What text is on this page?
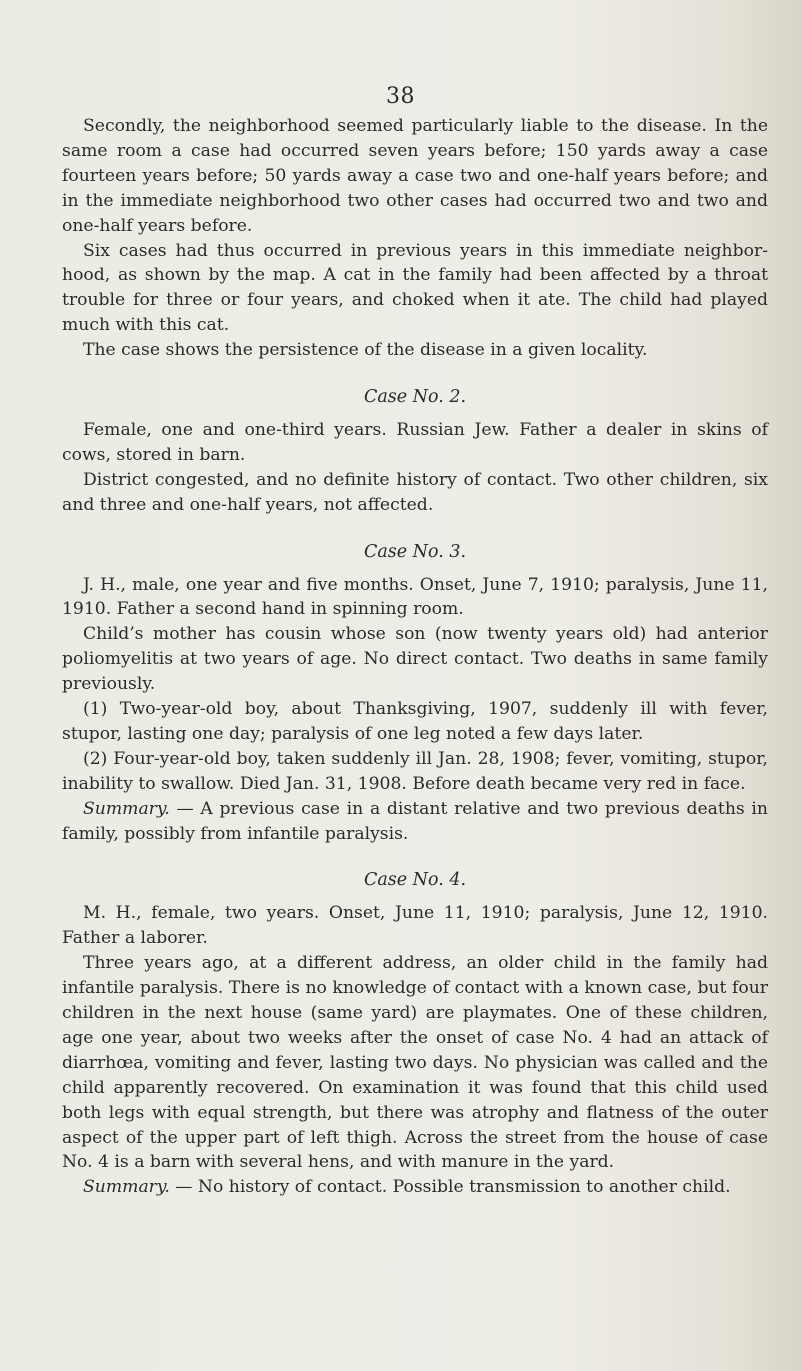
38

Secondly, the neighborhood seemed particularly liable to the disease. In the same room a case had occurred seven years before; 150 yards away a case fourteen years before; 50 yards away a case two and one-half years before; and in the immediate neighborhood two other cases had occurred two and two and one-half years before.

Six cases had thus occurred in previous years in this immediate neighbor-hood, as shown by the map. A cat in the family had been affected by a throat trouble for three or four years, and choked when it ate. The child had played much with this cat.

The case shows the persistence of the disease in a given locality.

Case No. 2.

Female, one and one-third years. Russian Jew. Father a dealer in skins of cows, stored in barn.

District congested, and no definite history of contact. Two other children, six and three and one-half years, not affected.

Case No. 3.

J. H., male, one year and five months. Onset, June 7, 1910; paralysis, June 11, 1910. Father a second hand in spinning room.

Child’s mother has cousin whose son (now twenty years old) had anterior poliomyelitis at two years of age. No direct contact. Two deaths in same family previously.

(1) Two-year-old boy, about Thanksgiving, 1907, suddenly ill with fever, stupor, lasting one day; paralysis of one leg noted a few days later.

(2) Four-year-old boy, taken suddenly ill Jan. 28, 1908; fever, vomiting, stupor, inability to swallow. Died Jan. 31, 1908. Before death became very red in face.

Summary. — A previous case in a distant relative and two previous deaths in family, possibly from infantile paralysis.

Case No. 4.

M. H., female, two years. Onset, June 11, 1910; paralysis, June 12, 1910. Father a laborer.

Three years ago, at a different address, an older child in the family had infantile paralysis. There is no knowledge of contact with a known case, but four children in the next house (same yard) are playmates. One of these children, age one year, about two weeks after the onset of case No. 4 had an attack of diarrhœa, vomiting and fever, lasting two days. No physician was called and the child apparently recovered. On examination it was found that this child used both legs with equal strength, but there was atrophy and flatness of the outer aspect of the upper part of left thigh. Across the street from the house of case No. 4 is a barn with several hens, and with manure in the yard.

Summary. — No history of contact. Possible transmission to another child.
